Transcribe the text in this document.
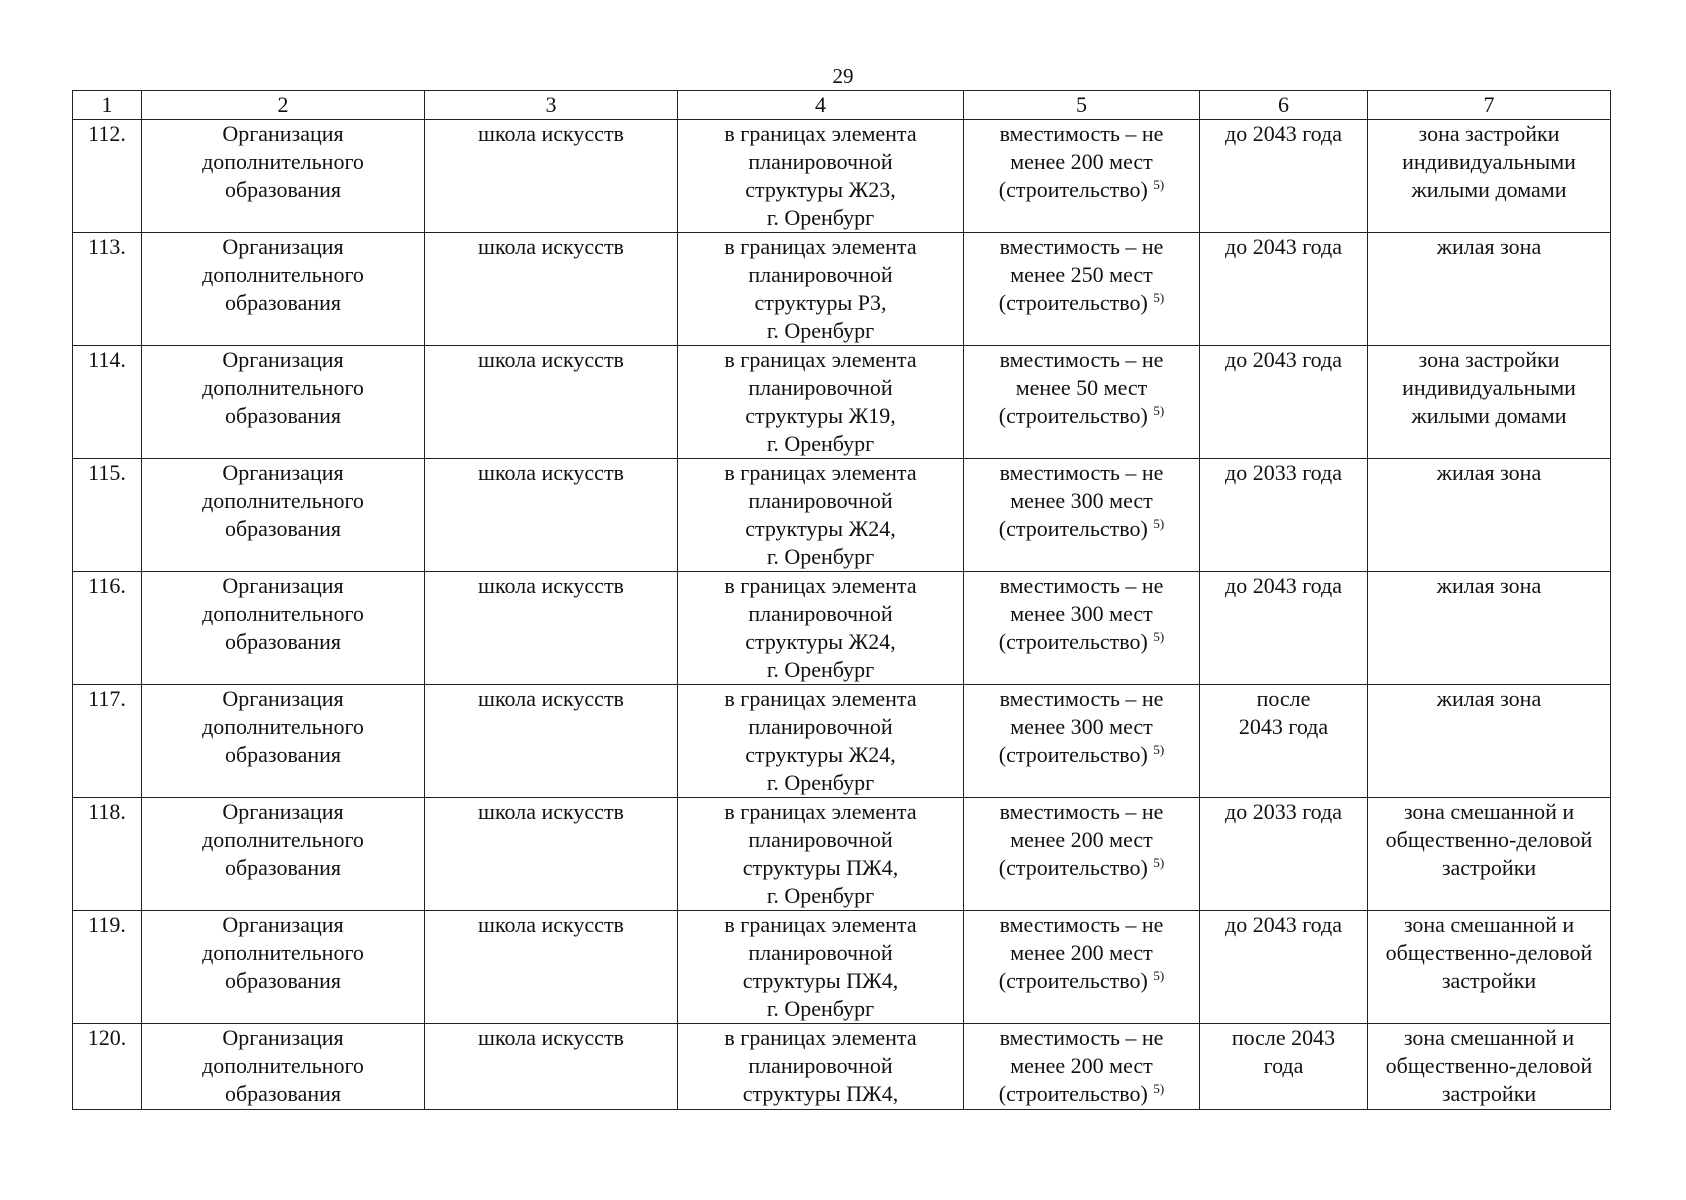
29
1	2	3	4	5	6	7
112.	Организация
дополнительного
образования	школа искусств	в границах элемента
планировочной
структуры Ж23,
г. Оренбург	вместимость – не
менее 200 мест
(строительство) $^{5)}$	до 2043 года	зона застройки
индивидуальными
жилыми домами

113.	Организация
дополнительного
образования	школа искусств	в границах элемента
планировочной
структуры Р3,
г. Оренбург	вместимость – не
менее 250 мест
(строительство) $^{5)}$	до 2043 года	жилая зона

114.	Организация
дополнительного
образования	школа искусств	в границах элемента
планировочной
структуры Ж19,
г. Оренбург	вместимость – не
менее 50 мест
(строительство) $^{5)}$	до 2043 года	зона застройки
индивидуальными
жилыми домами

115.	Организация
дополнительного
образования	школа искусств	в границах элемента
планировочной
структуры Ж24,
г. Оренбург	вместимость – не
менее 300 мест
(строительство) $^{5)}$	до 2033 года	жилая зона

116.	Организация
дополнительного
образования	школа искусств	в границах элемента
планировочной
структуры Ж24,
г. Оренбург	вместимость – не
менее 300 мест
(строительство) $^{5)}$	до 2043 года	жилая зона

117.	Организация
дополнительного
образования	школа искусств	в границах элемента
планировочной
структуры Ж24,
г. Оренбург	вместимость – не
менее 300 мест
(строительство) $^{5)}$	после
2043 года	жилая зона

118.	Организация
дополнительного
образования	школа искусств	в границах элемента
планировочной
структуры ПЖ4,
г. Оренбург	вместимость – не
менее 200 мест
(строительство) $^{5)}$	до 2033 года	зона смешанной и
общественно-деловой
застройки

119.	Организация
дополнительного
образования	школа искусств	в границах элемента
планировочной
структуры ПЖ4,
г. Оренбург	вместимость – не
менее 200 мест
(строительство) $^{5)}$	до 2043 года	зона смешанной и
общественно-деловой
застройки

120.	Организация
дополнительного
образования	школа искусств	в границах элемента
планировочной
структуры ПЖ4,	вместимость – не
менее 200 мест
(строительство) $^{5)}$	после 2043
года	зона смешанной и
общественно-деловой
застройки
